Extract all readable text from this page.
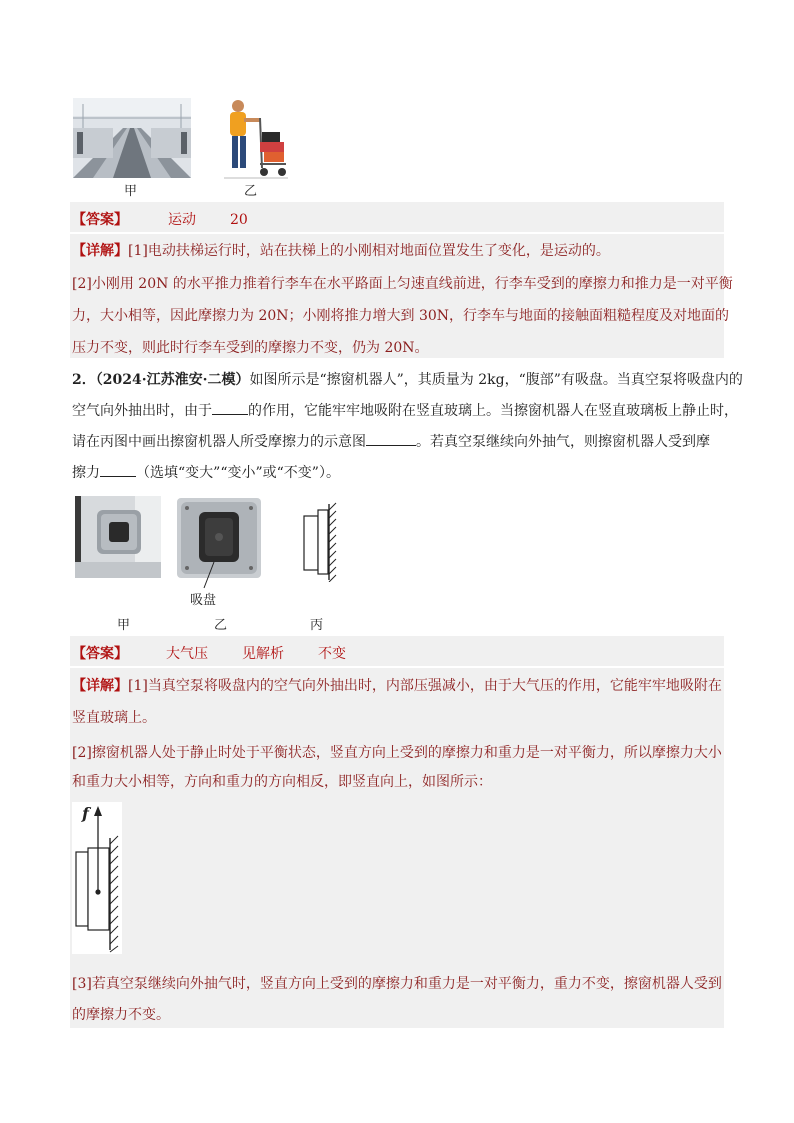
甲	乙
【答案】	运动 20
【详解】[1]电动扶梯运行时，站在扶梯上的小刚相对地面位置发生了变化，是运动的。
[2]小刚用 20N 的水平推力推着行李车在水平路面上匀速直线前进，行李车受到的摩擦力和推力是一对平衡
力，大小相等，因此摩擦力为 20N；小刚将推力增大到 30N，行李车与地面的接触面粗糙程度及对地面的
压力不变，则此时行李车受到的摩擦力不变，仍为 20N。
2．（2024·江苏淮安·二模）如图所示是“擦窗机器人”，其质量为 2kg，“腹部”有吸盘。当真空泵将吸盘内的
空气向外抽出时，由于	的作用，它能牢牢地吸附在竖直玻璃上。当擦窗机器人在竖直玻璃板上静止时，
请在丙图中画出擦窗机器人所受摩擦力的示意图	。若真空泵继续向外抽气，则擦窗机器人受到摩
擦力	（选填“变大”“变小”或“不变”）。
吸盘
甲	乙	丙
【答案】	大气压 见解析 不变
【详解】[1]当真空泵将吸盘内的空气向外抽出时，内部压强减小，由于大气压的作用，它能牢牢地吸附在
竖直玻璃上。
[2]擦窗机器人处于静止时处于平衡状态，竖直方向上受到的摩擦力和重力是一对平衡力，所以摩擦力大小
和重力大小相等，方向和重力的方向相反，即竖直向上，如图所示：
f
[3]若真空泵继续向外抽气时，竖直方向上受到的摩擦力和重力是一对平衡力，重力不变，擦窗机器人受到
的摩擦力不变。
